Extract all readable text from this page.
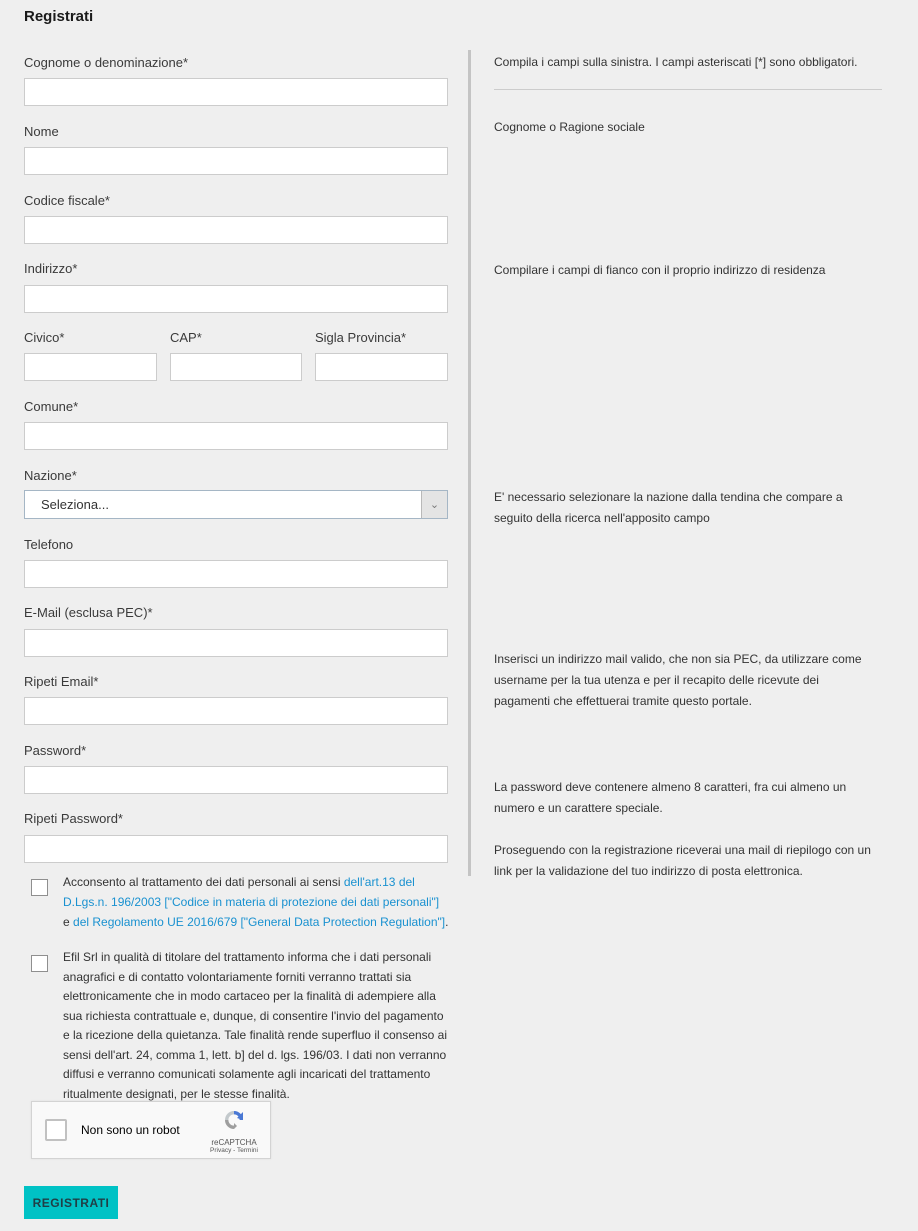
Registrati
Cognome o denominazione*
Nome
Codice fiscale*
Indirizzo*
Civico*	CAP*	Sigla Provincia*
Comune*
Nazione*
Seleziona...	⌄
Telefono
E-Mail (esclusa PEC)*
Ripeti Email*
Password*
Ripeti Password*
Acconsento al trattamento dei dati personali ai sensi dell'art.13 del D.Lgs.n. 196/2003 ["Codice in materia di protezione dei dati personali"] e del Regolamento UE 2016/679 ["General Data Protection Regulation"].
Efil Srl in qualità di titolare del trattamento informa che i dati personali anagrafici e di contatto volontariamente forniti verranno trattati sia elettronicamente che in modo cartaceo per la finalità di adempiere alla sua richiesta contrattuale e, dunque, di consentire l'invio del pagamento e la ricezione della quietanza. Tale finalità rende superfluo il consenso ai sensi dell'art. 24, comma 1, lett. b] del d. lgs. 196/03. I dati non verranno diffusi e verranno comunicati solamente agli incaricati del trattamento ritualmente designati, per le stesse finalità.
Non sono un robot
reCAPTCHA
Privacy - Termini
REGISTRATI
Compila i campi sulla sinistra. I campi asteriscati [*] sono obbligatori.
Cognome o Ragione sociale
Compilare i campi di fianco con il proprio indirizzo di residenza
E' necessario selezionare la nazione dalla tendina che compare a seguito della ricerca nell'apposito campo
Inserisci un indirizzo mail valido, che non sia PEC, da utilizzare come username per la tua utenza e per il recapito delle ricevute dei pagamenti che effettuerai tramite questo portale.
La password deve contenere almeno 8 caratteri, fra cui almeno un numero e un carattere speciale.
Proseguendo con la registrazione riceverai una mail di riepilogo con un link per la validazione del tuo indirizzo di posta elettronica.
